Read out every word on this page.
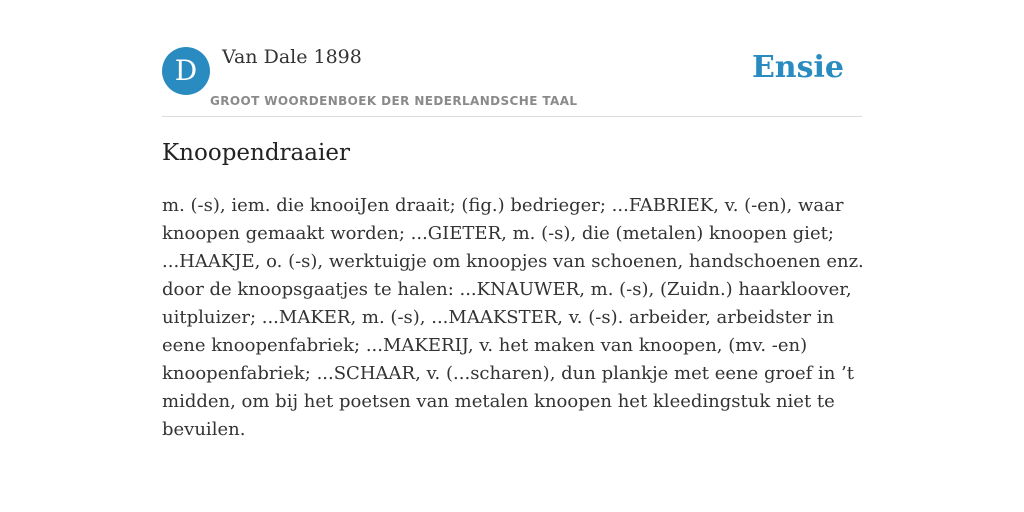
D	Van Dale 1898
GROOT WOORDENBOEK DER NEDERLANDSCHE TAAL
Ensie
Knoopendraaier

m. (-s), iem. die knooiJen draait; (fig.) bedrieger; ...FABRIEK, v. (-en), waar knoopen gemaakt worden; ...GIETER, m. (-s), die (metalen) knoopen giet; ...HAAKJE, o. (-s), werktuigje om knoopjes van schoenen, handschoenen enz. door de knoopsgaatjes te halen: ...KNAUWER, m. (-s), (Zuidn.) haarkloover, uitpluizer; ...MAKER, m. (-s), ...MAAKSTER, v. (-s). arbeider, arbeidster in eene knoopenfabriek; ...MAKERIJ, v. het maken van knoopen, (mv. -en) knoopenfabriek; ...SCHAAR, v. (...scharen), dun plankje met eene groef in ’t midden, om bij het poetsen van metalen knoopen het kleedingstuk niet te bevuilen.
